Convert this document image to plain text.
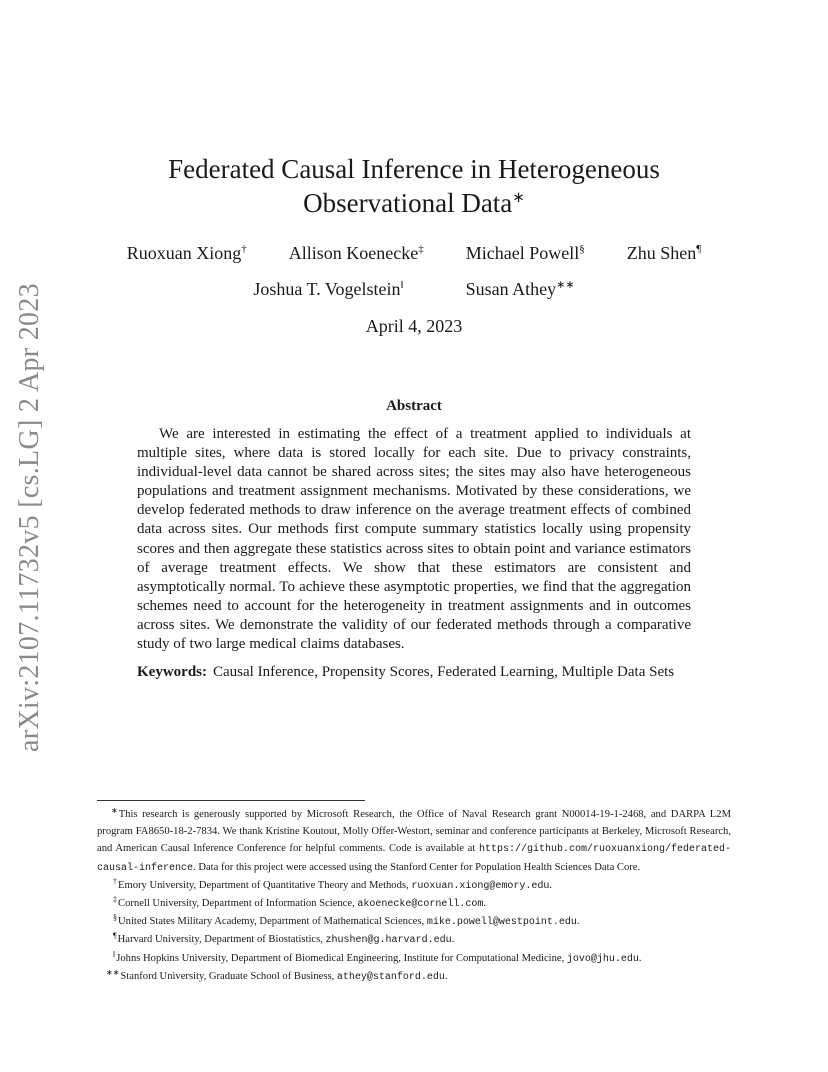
arXiv:2107.11732v5 [cs.LG] 2 Apr 2023
Federated Causal Inference in Heterogeneous
Observational Data∗
Ruoxuan Xiong† Allison Koenecke‡ Michael Powell§ Zhu Shen¶
Joshua T. Vogelstein‖	Susan Athey∗∗
April 4, 2023
Abstract

We are interested in estimating the effect of a treatment applied to individuals at multiple sites, where data is stored locally for each site. Due to privacy constraints, individual-level data cannot be shared across sites; the sites may also have heterogeneous populations and treatment assignment mechanisms. Motivated by these considerations, we develop federated methods to draw inference on the average treatment effects of combined data across sites. Our methods first compute summary statistics locally using propensity scores and then aggregate these statistics across sites to obtain point and variance estimators of average treatment effects. We show that these estimators are consistent and asymptotically normal. To achieve these asymptotic properties, we find that the aggregation schemes need to account for the heterogeneity in treatment assignments and in outcomes across sites. We demonstrate the validity of our federated methods through a comparative study of two large medical claims databases.

Keywords: Causal Inference, Propensity Scores, Federated Learning, Multiple Data Sets

∗This research is generously supported by Microsoft Research, the Office of Naval Research grant N00014-19-1-2468, and DARPA L2M program FA8650-18-2-7834. We thank Kristine Koutout, Molly Offer-Westort, seminar and conference participants at Berkeley, Microsoft Research, and American Causal Inference Conference for helpful comments. Code is available at https://github.com/ruoxuanxiong/federated-causal-inference. Data for this project were accessed using the Stanford Center for Population Health Sciences Data Core.

†Emory University, Department of Quantitative Theory and Methods, ruoxuan.xiong@emory.edu.

‡Cornell University, Department of Information Science, akoenecke@cornell.com.

§United States Military Academy, Department of Mathematical Sciences, mike.powell@westpoint.edu.

¶Harvard University, Department of Biostatistics, zhushen@g.harvard.edu.

‖Johns Hopkins University, Department of Biomedical Engineering, Institute for Computational Medicine, jovo@jhu.edu.

∗∗Stanford University, Graduate School of Business, athey@stanford.edu.
